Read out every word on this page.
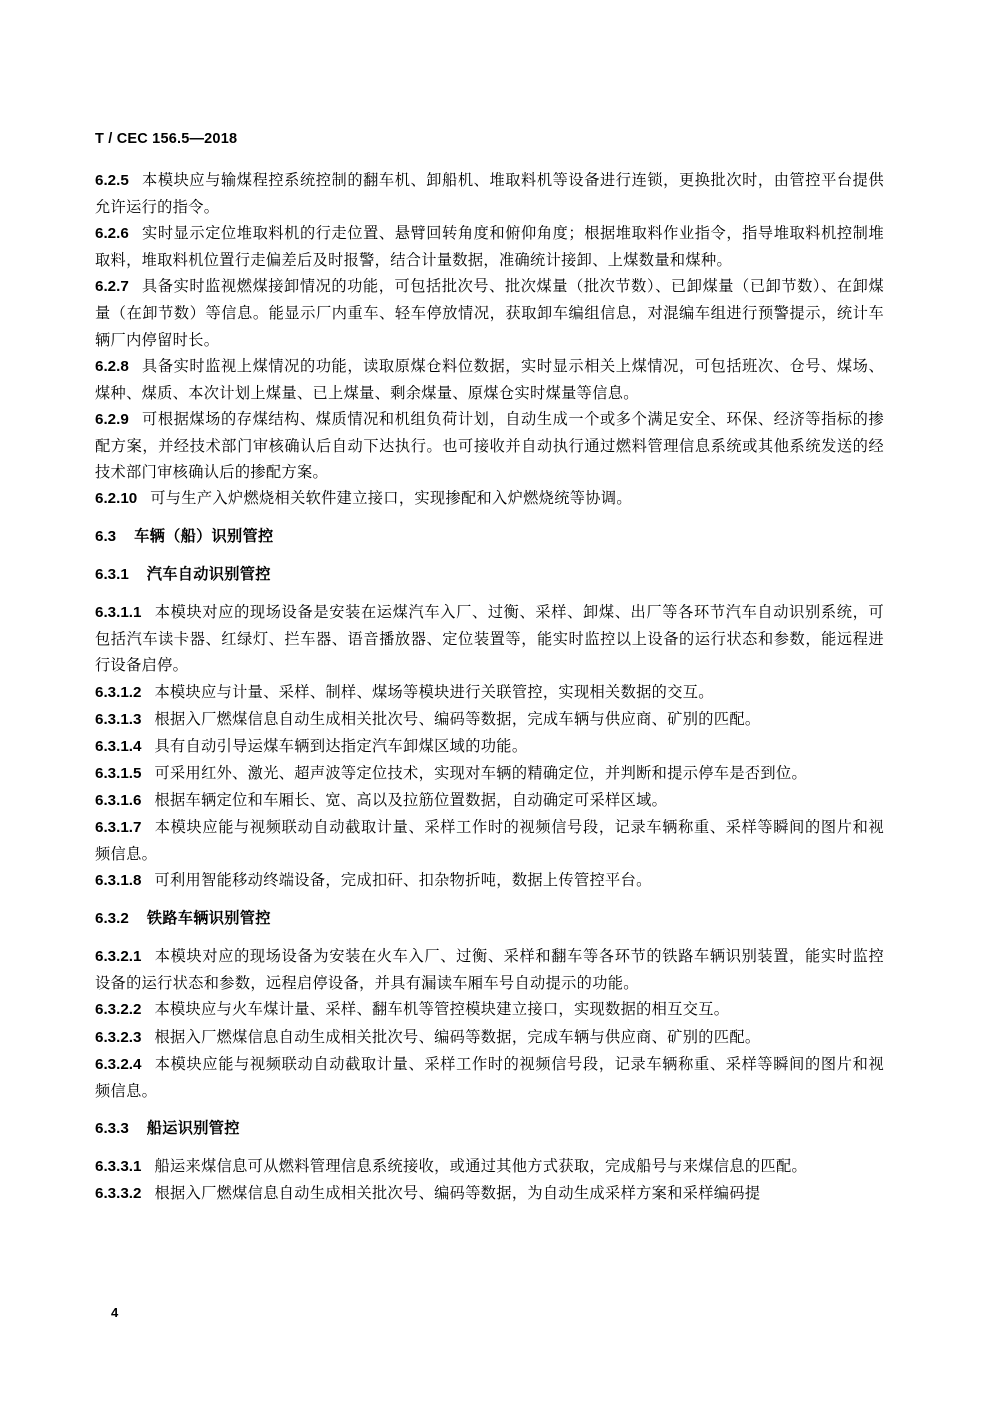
T / CEC 156.5—2018
6.2.5 本模块应与输煤程控系统控制的翻车机、卸船机、堆取料机等设备进行连锁，更换批次时，由管控平台提供允许运行的指令。
6.2.6 实时显示定位堆取料机的行走位置、悬臂回转角度和俯仰角度；根据堆取料作业指令，指导堆取料机控制堆取料，堆取料机位置行走偏差后及时报警，结合计量数据，准确统计接卸、上煤数量和煤种。
6.2.7 具备实时监视燃煤接卸情况的功能，可包括批次号、批次煤量（批次节数）、已卸煤量（已卸节数）、在卸煤量（在卸节数）等信息。能显示厂内重车、轻车停放情况，获取卸车编组信息，对混编车组进行预警提示，统计车辆厂内停留时长。
6.2.8 具备实时监视上煤情况的功能，读取原煤仓料位数据，实时显示相关上煤情况，可包括班次、仓号、煤场、煤种、煤质、本次计划上煤量、已上煤量、剩余煤量、原煤仓实时煤量等信息。
6.2.9 可根据煤场的存煤结构、煤质情况和机组负荷计划，自动生成一个或多个满足安全、环保、经济等指标的掺配方案，并经技术部门审核确认后自动下达执行。也可接收并自动执行通过燃料管理信息系统或其他系统发送的经技术部门审核确认后的掺配方案。
6.2.10 可与生产入炉燃烧相关软件建立接口，实现掺配和入炉燃烧统等协调。
6.3 车辆（船）识别管控
6.3.1 汽车自动识别管控
6.3.1.1 本模块对应的现场设备是安装在运煤汽车入厂、过衡、采样、卸煤、出厂等各环节汽车自动识别系统，可包括汽车读卡器、红绿灯、拦车器、语音播放器、定位装置等，能实时监控以上设备的运行状态和参数，能远程进行设备启停。
6.3.1.2 本模块应与计量、采样、制样、煤场等模块进行关联管控，实现相关数据的交互。
6.3.1.3 根据入厂燃煤信息自动生成相关批次号、编码等数据，完成车辆与供应商、矿别的匹配。
6.3.1.4 具有自动引导运煤车辆到达指定汽车卸煤区域的功能。
6.3.1.5 可采用红外、激光、超声波等定位技术，实现对车辆的精确定位，并判断和提示停车是否到位。
6.3.1.6 根据车辆定位和车厢长、宽、高以及拉筋位置数据，自动确定可采样区域。
6.3.1.7 本模块应能与视频联动自动截取计量、采样工作时的视频信号段，记录车辆称重、采样等瞬间的图片和视频信息。
6.3.1.8 可利用智能移动终端设备，完成扣矸、扣杂物折吨，数据上传管控平台。
6.3.2 铁路车辆识别管控
6.3.2.1 本模块对应的现场设备为安装在火车入厂、过衡、采样和翻车等各环节的铁路车辆识别装置，能实时监控设备的运行状态和参数，远程启停设备，并具有漏读车厢车号自动提示的功能。
6.3.2.2 本模块应与火车煤计量、采样、翻车机等管控模块建立接口，实现数据的相互交互。
6.3.2.3 根据入厂燃煤信息自动生成相关批次号、编码等数据，完成车辆与供应商、矿别的匹配。
6.3.2.4 本模块应能与视频联动自动截取计量、采样工作时的视频信号段，记录车辆称重、采样等瞬间的图片和视频信息。
6.3.3 船运识别管控
6.3.3.1 船运来煤信息可从燃料管理信息系统接收，或通过其他方式获取，完成船号与来煤信息的匹配。
6.3.3.2 根据入厂燃煤信息自动生成相关批次号、编码等数据，为自动生成采样方案和采样编码提
4
